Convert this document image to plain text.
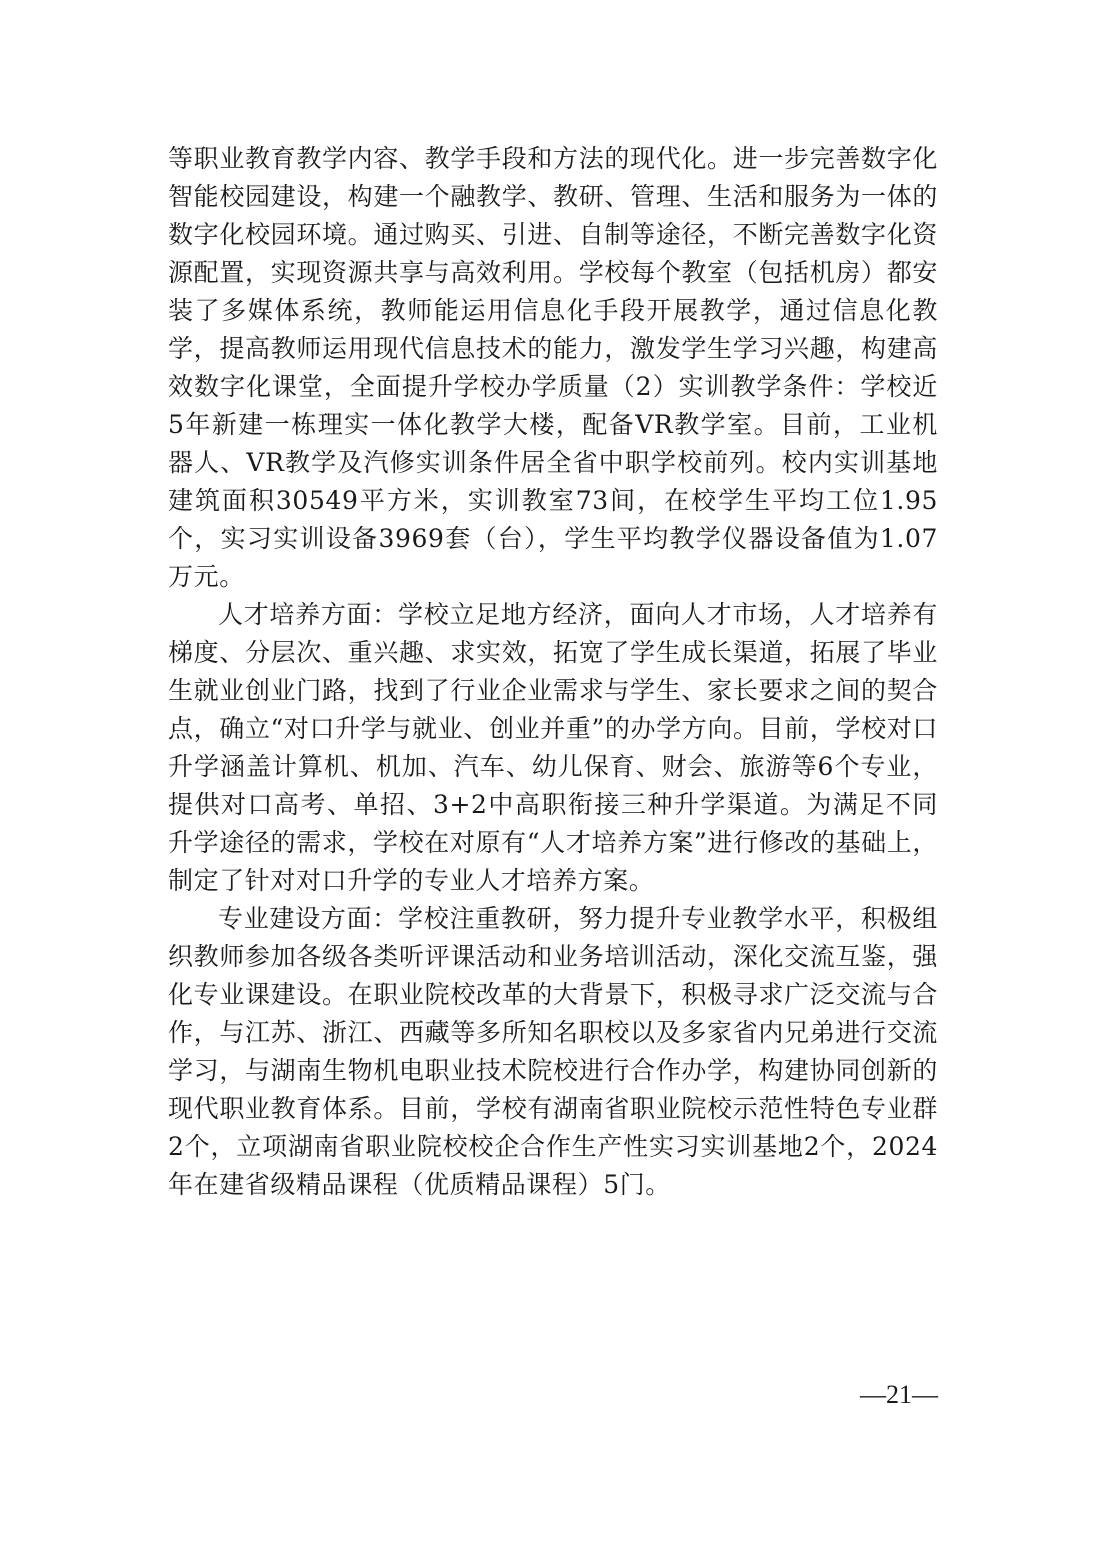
等职业教育教学内容、教学手段和方法的现代化。进一步完善数字化智能校园建设，构建一个融教学、教研、管理、生活和服务为一体的数字化校园环境。通过购买、引进、自制等途径，不断完善数字化资源配置，实现资源共享与高效利用。学校每个教室（包括机房）都安装了多媒体系统，教师能运用信息化手段开展教学，通过信息化教学，提高教师运用现代信息技术的能力，激发学生学习兴趣，构建高效数字化课堂，全面提升学校办学质量（2）实训教学条件：学校近5年新建一栋理实一体化教学大楼，配备VR教学室。目前，工业机器人、VR教学及汽修实训条件居全省中职学校前列。校内实训基地建筑面积30549平方米，实训教室73间，在校学生平均工位1.95个，实习实训设备3969套（台），学生平均教学仪器设备值为1.07万元。

人才培养方面：学校立足地方经济，面向人才市场，人才培养有梯度、分层次、重兴趣、求实效，拓宽了学生成长渠道，拓展了毕业生就业创业门路，找到了行业企业需求与学生、家长要求之间的契合点，确立“对口升学与就业、创业并重”的办学方向。目前，学校对口升学涵盖计算机、机加、汽车、幼儿保育、财会、旅游等6个专业，提供对口高考、单招、3+2中高职衔接三种升学渠道。为满足不同升学途径的需求，学校在对原有“人才培养方案”进行修改的基础上，制定了针对对口升学的专业人才培养方案。

专业建设方面：学校注重教研，努力提升专业教学水平，积极组织教师参加各级各类听评课活动和业务培训活动，深化交流互鉴，强化专业课建设。在职业院校改革的大背景下，积极寻求广泛交流与合作，与江苏、浙江、西藏等多所知名职校以及多家省内兄弟进行交流学习，与湖南生物机电职业技术院校进行合作办学，构建协同创新的现代职业教育体系。目前，学校有湖南省职业院校示范性特色专业群2个，立项湖南省职业院校校企合作生产性实习实训基地2个，2024年在建省级精品课程（优质精品课程）5门。

—21—
